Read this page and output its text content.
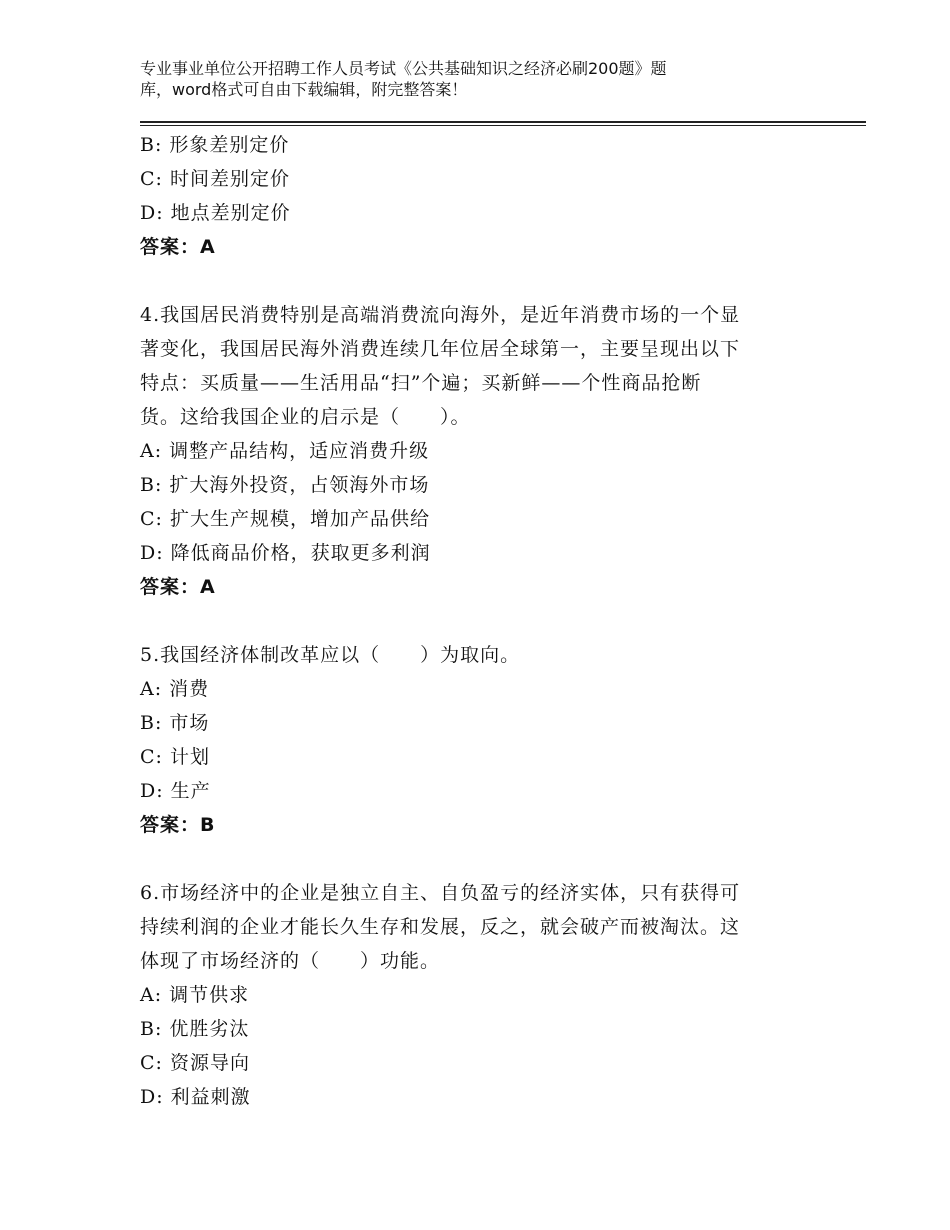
专业事业单位公开招聘工作人员考试《公共基础知识之经济必刷200题》题
库，word格式可自由下载编辑，附完整答案！
B: 形象差别定价
C: 时间差别定价
D: 地点差别定价
答案：A
4.我国居民消费特别是高端消费流向海外，是近年消费市场的一个显
著变化，我国居民海外消费连续几年位居全球第一，主要呈现出以下
特点：买质量——生活用品“扫”个遍；买新鲜——个性商品抢断
货。这给我国企业的启示是（　　）。
A: 调整产品结构，适应消费升级
B: 扩大海外投资，占领海外市场
C: 扩大生产规模，增加产品供给
D: 降低商品价格，获取更多利润
答案：A
5.我国经济体制改革应以（　　）为取向。
A: 消费
B: 市场
C: 计划
D: 生产
答案：B
6.市场经济中的企业是独立自主、自负盈亏的经济实体，只有获得可
持续利润的企业才能长久生存和发展，反之，就会破产而被淘汰。这
体现了市场经济的（　　）功能。
A: 调节供求
B: 优胜劣汰
C: 资源导向
D: 利益刺激
